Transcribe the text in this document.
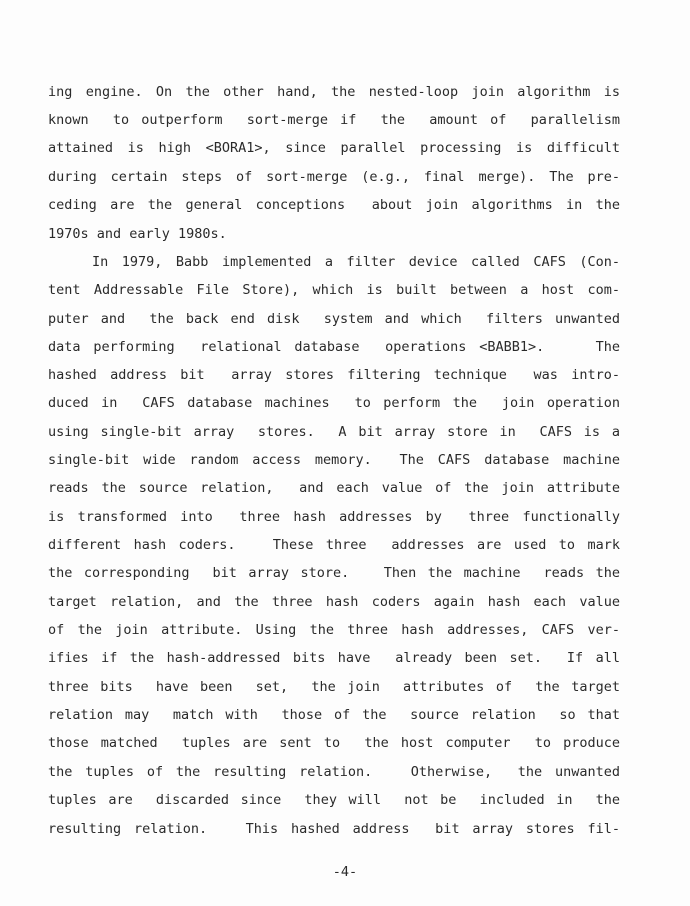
ing engine. On the other hand, the nested-loop join algorithm is
known  to outperform  sort-merge if  the  amount of  parallelism
attained is high <BORA1>, since parallel processing is difficult
during certain steps of sort-merge (e.g., final merge). The pre-
ceding are the general conceptions  about join algorithms in the
1970s and early 1980s.
In 1979, Babb implemented a filter device called CAFS (Con-
tent Addressable File Store), which is built between a host com-
puter and  the back end disk  system and which  filters unwanted
data performing  relational database  operations <BABB1>.    The
hashed address bit  array stores filtering technique  was intro-
duced in  CAFS database machines  to perform the  join operation
using single-bit array  stores.  A bit array store in  CAFS is a
single-bit wide random access memory.  The CAFS database machine
reads the source relation,  and each value of the join attribute
is transformed into  three hash addresses by  three functionally
different hash coders.   These three  addresses are used to mark
the corresponding  bit array store.   Then the machine  reads the
target relation, and the three hash coders again hash each value
of the join attribute. Using the three hash addresses, CAFS ver-
ifies if the hash-addressed bits have  already been set.  If all
three bits  have been  set,  the join  attributes of  the target
relation may  match with  those of the  source relation  so that
those matched  tuples are sent to  the host computer  to produce
the tuples of the resulting relation.   Otherwise,  the unwanted
tuples are  discarded since  they will  not be  included in  the
resulting relation.   This hashed address  bit array stores fil-
-4-
